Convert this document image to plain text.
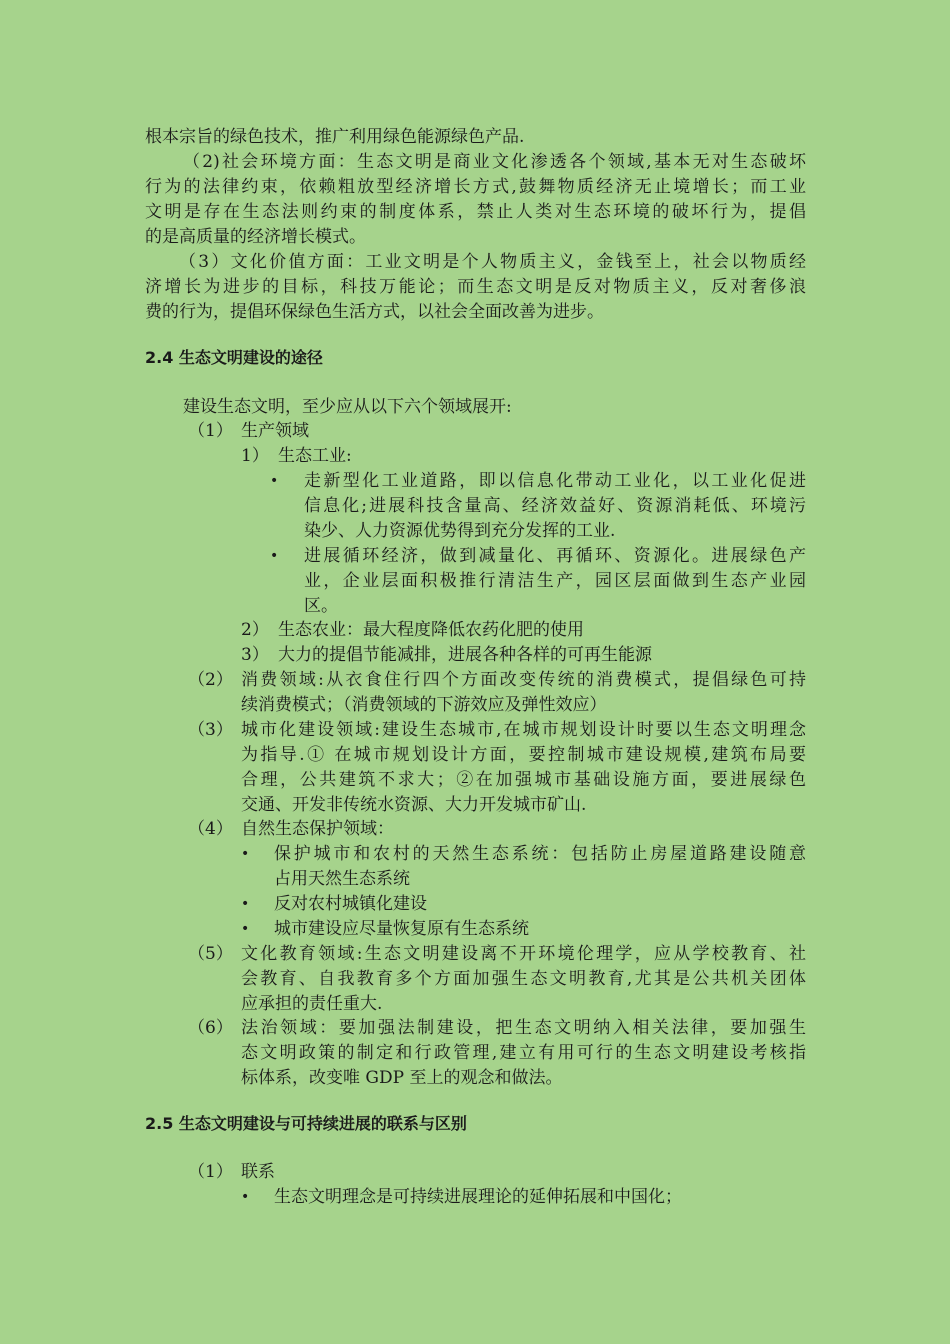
根本宗旨的绿色技术，推广利用绿色能源绿色产品.
（2)社会环境方面：生态文明是商业文化渗透各个领域,基本无对生态破坏
行为的法律约束，依赖粗放型经济增长方式,鼓舞物质经济无止境增长；而工业
文明是存在生态法则约束的制度体系，禁止人类对生态环境的破坏行为，提倡
的是高质量的经济增长模式。
（3）文化价值方面：工业文明是个人物质主义，金钱至上，社会以物质经
济增长为进步的目标，科技万能论；而生态文明是反对物质主义，反对奢侈浪
费的行为，提倡环保绿色生活方式，以社会全面改善为进步。
2.4 生态文明建设的途径
建设生态文明，至少应从以下六个领域展开:
（1） 生产领域
1） 生态工业:
• 走新型化工业道路，即以信息化带动工业化，以工业化促进
信息化;进展科技含量高、经济效益好、资源消耗低、环境污
染少、人力资源优势得到充分发挥的工业.
• 进展循环经济，做到减量化、再循环、资源化。进展绿色产
业，企业层面积极推行清洁生产，园区层面做到生态产业园
区。
2） 生态农业：最大程度降低农药化肥的使用
3） 大力的提倡节能减排，进展各种各样的可再生能源
（2） 消费领域:从衣食住行四个方面改变传统的消费模式，提倡绿色可持
续消费模式；（消费领域的下游效应及弹性效应）
（3） 城市化建设领域:建设生态城市,在城市规划设计时要以生态文明理念
为指导.① 在城市规划设计方面，要控制城市建设规模,建筑布局要
合理，公共建筑不求大；②在加强城市基础设施方面，要进展绿色
交通、开发非传统水资源、大力开发城市矿山.
（4） 自然生态保护领域：
• 保护城市和农村的天然生态系统：包括防止房屋道路建设随意
占用天然生态系统
• 反对农村城镇化建设
• 城市建设应尽量恢复原有生态系统
（5） 文化教育领域:生态文明建设离不开环境伦理学，应从学校教育、社
会教育、自我教育多个方面加强生态文明教育,尤其是公共机关团体
应承担的责任重大.
（6） 法治领域：要加强法制建设，把生态文明纳入相关法律，要加强生
态文明政策的制定和行政管理,建立有用可行的生态文明建设考核指
标体系，改变唯 GDP 至上的观念和做法。
2.5 生态文明建设与可持续进展的联系与区别
（1） 联系
• 生态文明理念是可持续进展理论的延伸拓展和中国化；
